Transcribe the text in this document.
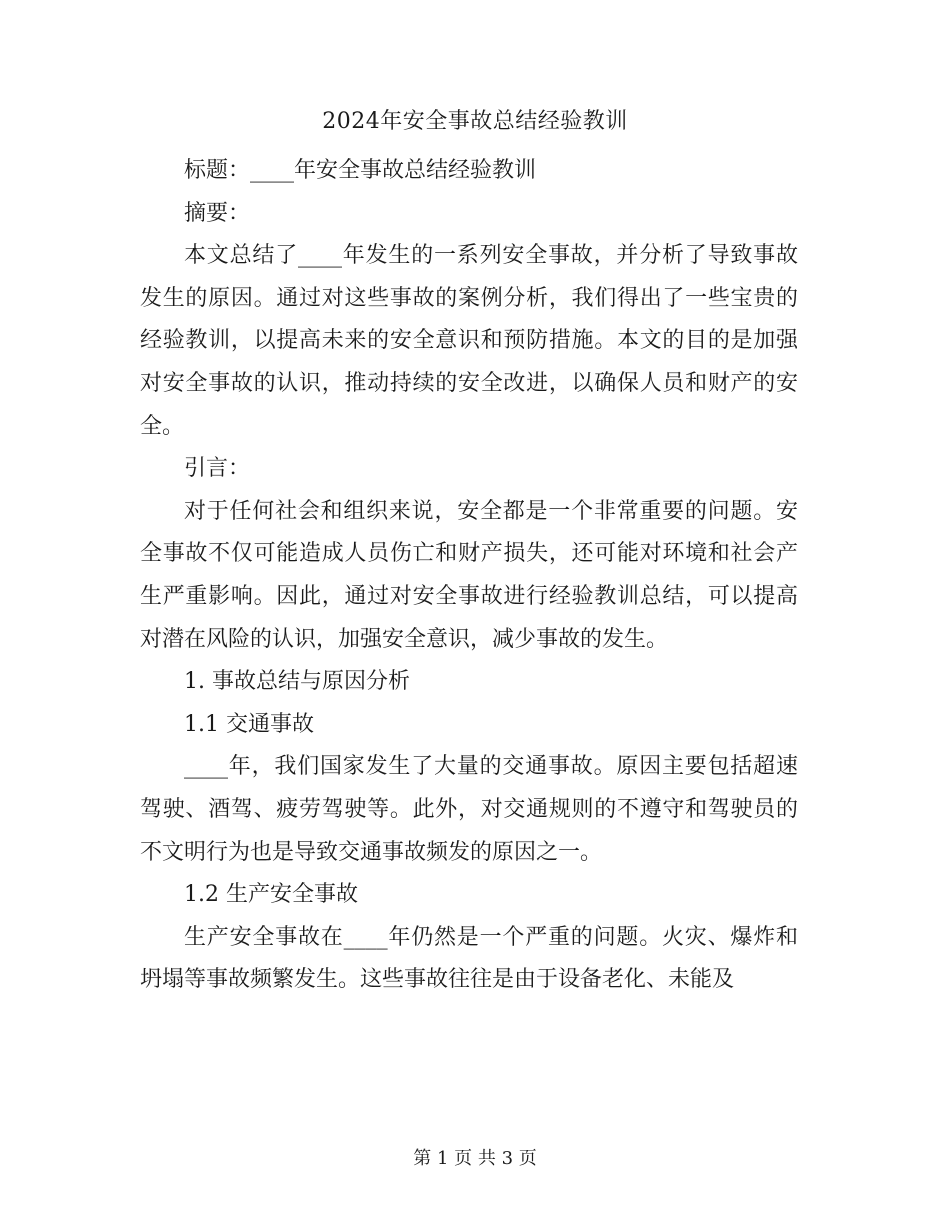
2024年安全事故总结经验教训

标题：____年安全事故总结经验教训

摘要：

本文总结了____年发生的一系列安全事故，并分析了导致事故发生的原因。通过对这些事故的案例分析，我们得出了一些宝贵的经验教训，以提高未来的安全意识和预防措施。本文的目的是加强对安全事故的认识，推动持续的安全改进，以确保人员和财产的安全。

引言：

对于任何社会和组织来说，安全都是一个非常重要的问题。安全事故不仅可能造成人员伤亡和财产损失，还可能对环境和社会产生严重影响。因此，通过对安全事故进行经验教训总结，可以提高对潜在风险的认识，加强安全意识，减少事故的发生。

1. 事故总结与原因分析

1.1 交通事故

____年，我们国家发生了大量的交通事故。原因主要包括超速驾驶、酒驾、疲劳驾驶等。此外，对交通规则的不遵守和驾驶员的不文明行为也是导致交通事故频发的原因之一。

1.2 生产安全事故

生产安全事故在____年仍然是一个严重的问题。火灾、爆炸和坍塌等事故频繁发生。这些事故往往是由于设备老化、未能及

第 1 页 共 3 页
